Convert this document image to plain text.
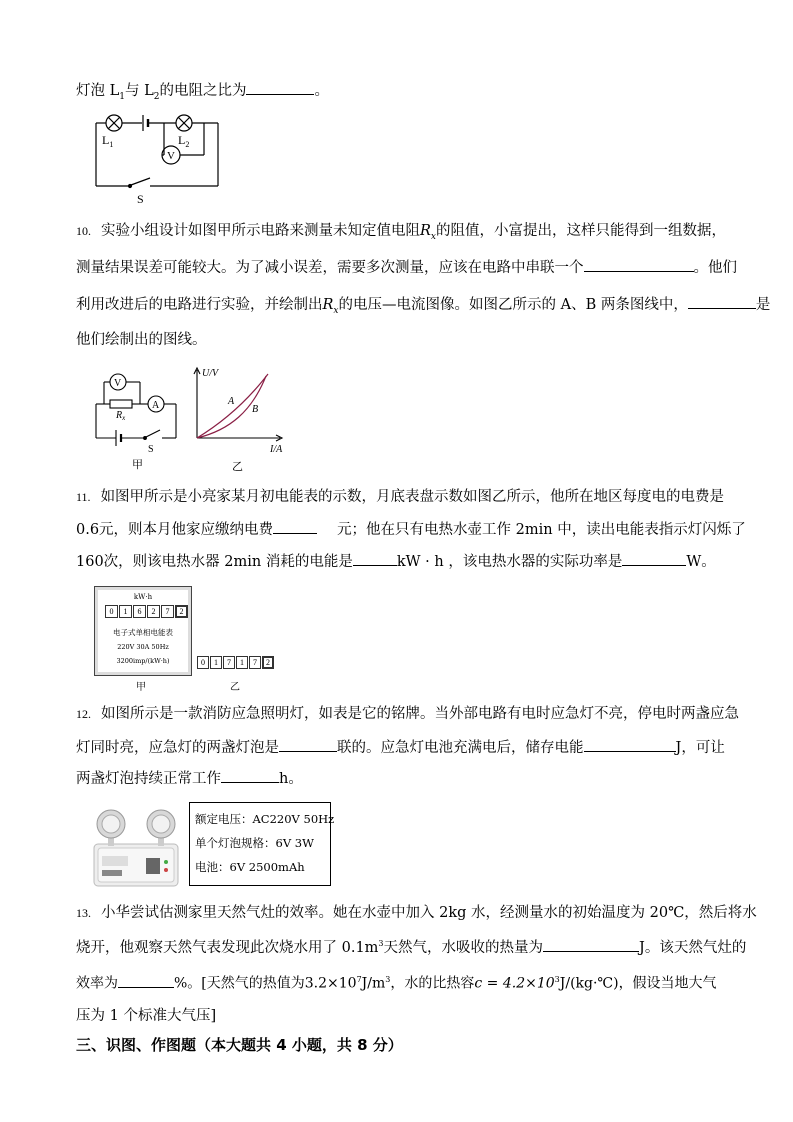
灯泡 $L_1$与 $L_2$的电阻之比为	。
$L_1$	$L_2$
V
S
10. 实验小组设计如图甲所示电路来测量未知定值电阻$R_x$的阻值，小富提出，这样只能得到一组数据，
测量结果误差可能较大。为了减小误差，需要多次测量，应该在电路中串联一个	。他们
利用改进后的电路进行实验，并绘制出$R_x$的电压—电流图像。如图乙所示的 A、B 两条图线中，	是
他们绘制出的图线。
V
A
$R_x$
S
甲
U/V
I/A
A
B
乙
11. 如图甲所示是小亮家某月初电能表的示数，月底表盘示数如图乙所示，他所在地区每度电的电费是
0.6元，则本月他家应缴纳电费	元；他在只有电热水壶工作 2min 中，读出电能表指示灯闪烁了
160次，则该电热水器 2min 消耗的电能是	kW · h ，该电热水器的实际功率是	W。
kW·h
0	1	6	2	7	2
电子式单相电能表
220V 30A 50Hz
3200imp/(kW·h)
甲
0	1	7	1	7	2
乙
12. 如图所示是一款消防应急照明灯，如表是它的铭牌。当外部电路有电时应急灯不亮，停电时两盏应急
灯同时亮，应急灯的两盏灯泡是	联的。应急灯电池充满电后，储存电能	J，可让
两盏灯泡持续正常工作	h。
额定电压：AC220V 50Hz
单个灯泡规格：6V 3W
电池：6V 2500mAh
13. 小华尝试估测家里天然气灶的效率。她在水壶中加入 2kg 水，经测量水的初始温度为 20℃，然后将水
烧开，他观察天然气表发现此次烧水用了 $0.1m^3$天然气，水吸收的热量为	J。该天然气灶的
效率为	%。[天然气的热值为$3.2\times 10^7J/m^3$，水的比热容$c = 4.2\times 10^3J/(kg\cdot℃)$，假设当地大气
压为 1 个标准大气压]
三、识图、作图题（本大题共 4 小题，共 8 分）
